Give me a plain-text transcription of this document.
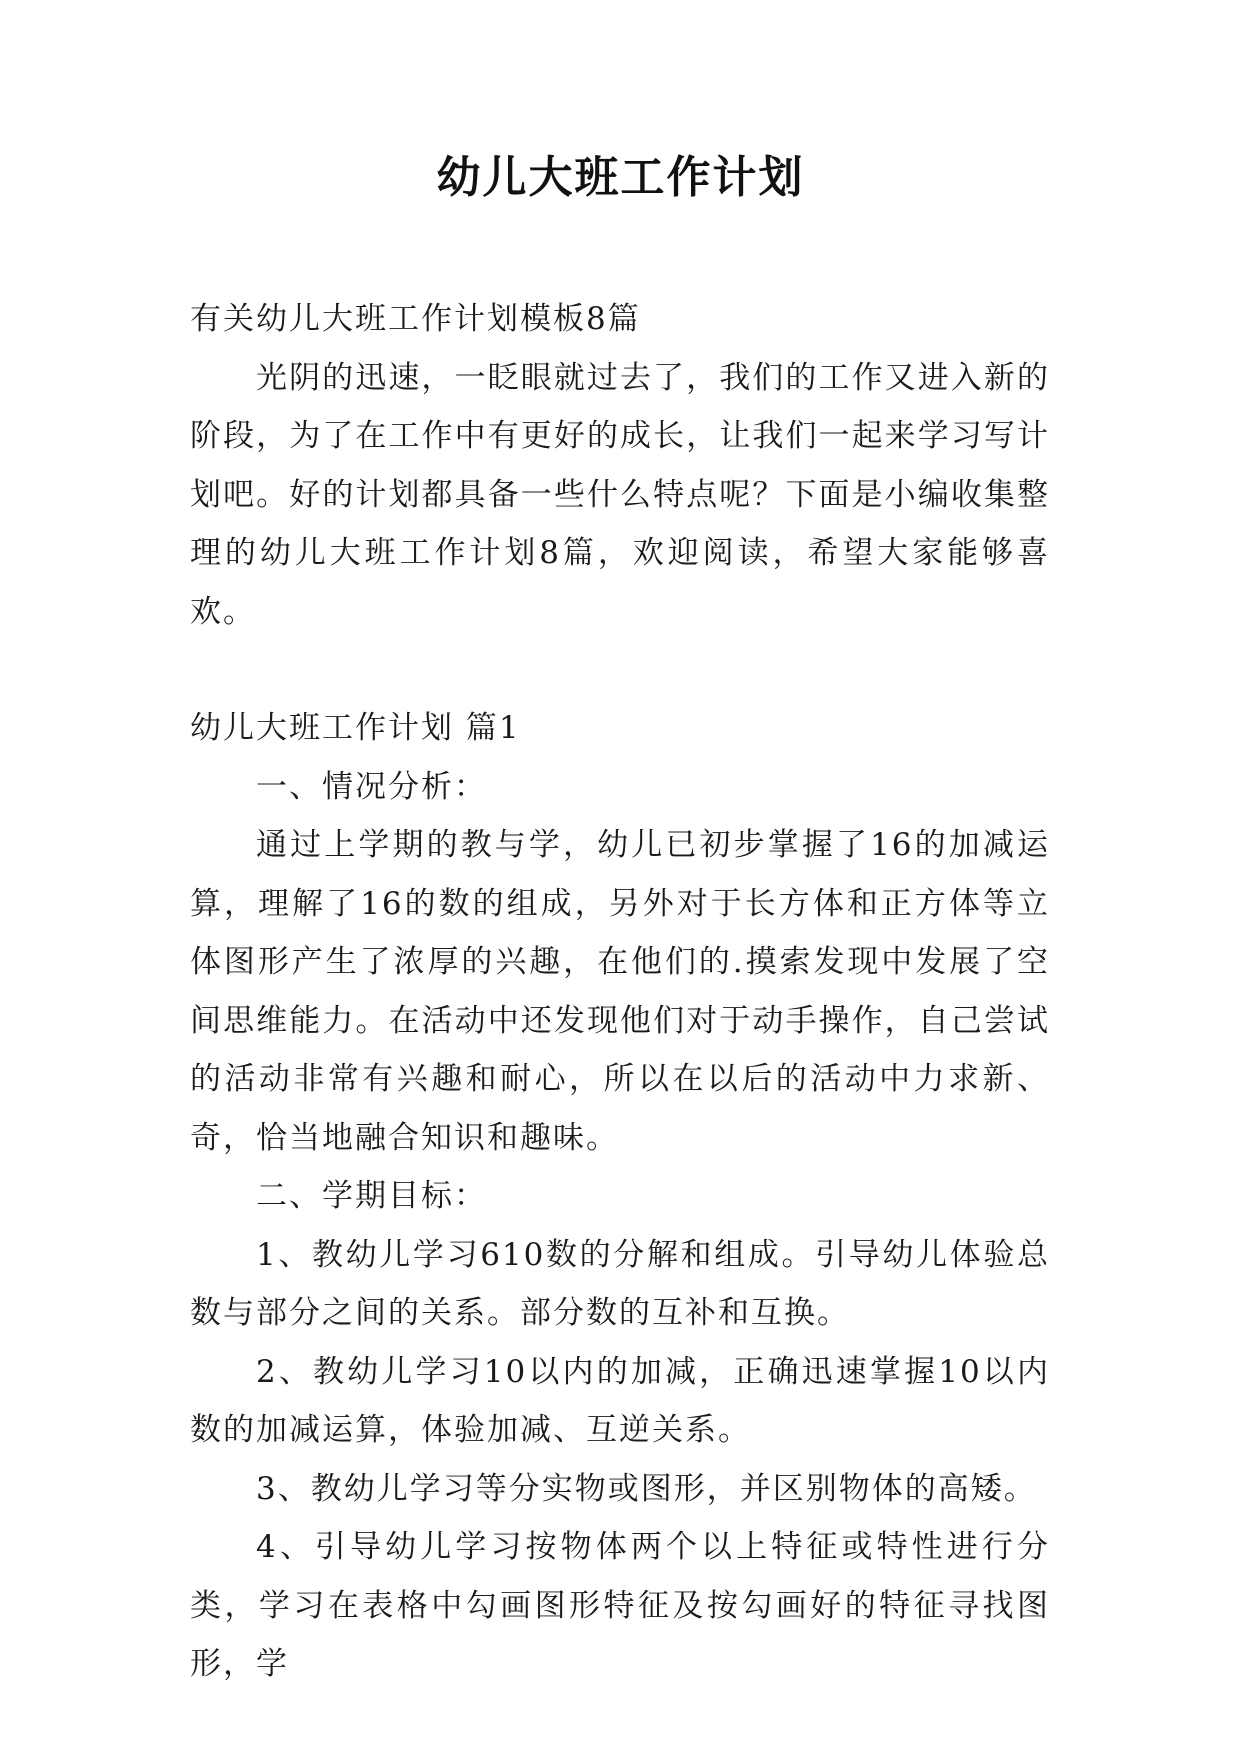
幼儿大班工作计划

有关幼儿大班工作计划模板8篇

光阴的迅速，一眨眼就过去了，我们的工作又进入新的阶段，为了在工作中有更好的成长，让我们一起来学习写计划吧。好的计划都具备一些什么特点呢？下面是小编收集整理的幼儿大班工作计划8篇，欢迎阅读，希望大家能够喜欢。

幼儿大班工作计划 篇1

一、情况分析：

通过上学期的教与学，幼儿已初步掌握了16的加减运算，理解了16的数的组成，另外对于长方体和正方体等立体图形产生了浓厚的兴趣，在他们的.摸索发现中发展了空间思维能力。在活动中还发现他们对于动手操作，自己尝试的活动非常有兴趣和耐心，所以在以后的活动中力求新、奇，恰当地融合知识和趣味。

二、学期目标：

1、教幼儿学习610数的分解和组成。引导幼儿体验总数与部分之间的关系。部分数的互补和互换。

2、教幼儿学习10以内的加减，正确迅速掌握10以内数的加减运算，体验加减、互逆关系。

3、教幼儿学习等分实物或图形，并区别物体的高矮。

4、引导幼儿学习按物体两个以上特征或特性进行分类，学习在表格中勾画图形特征及按勾画好的特征寻找图形，学
